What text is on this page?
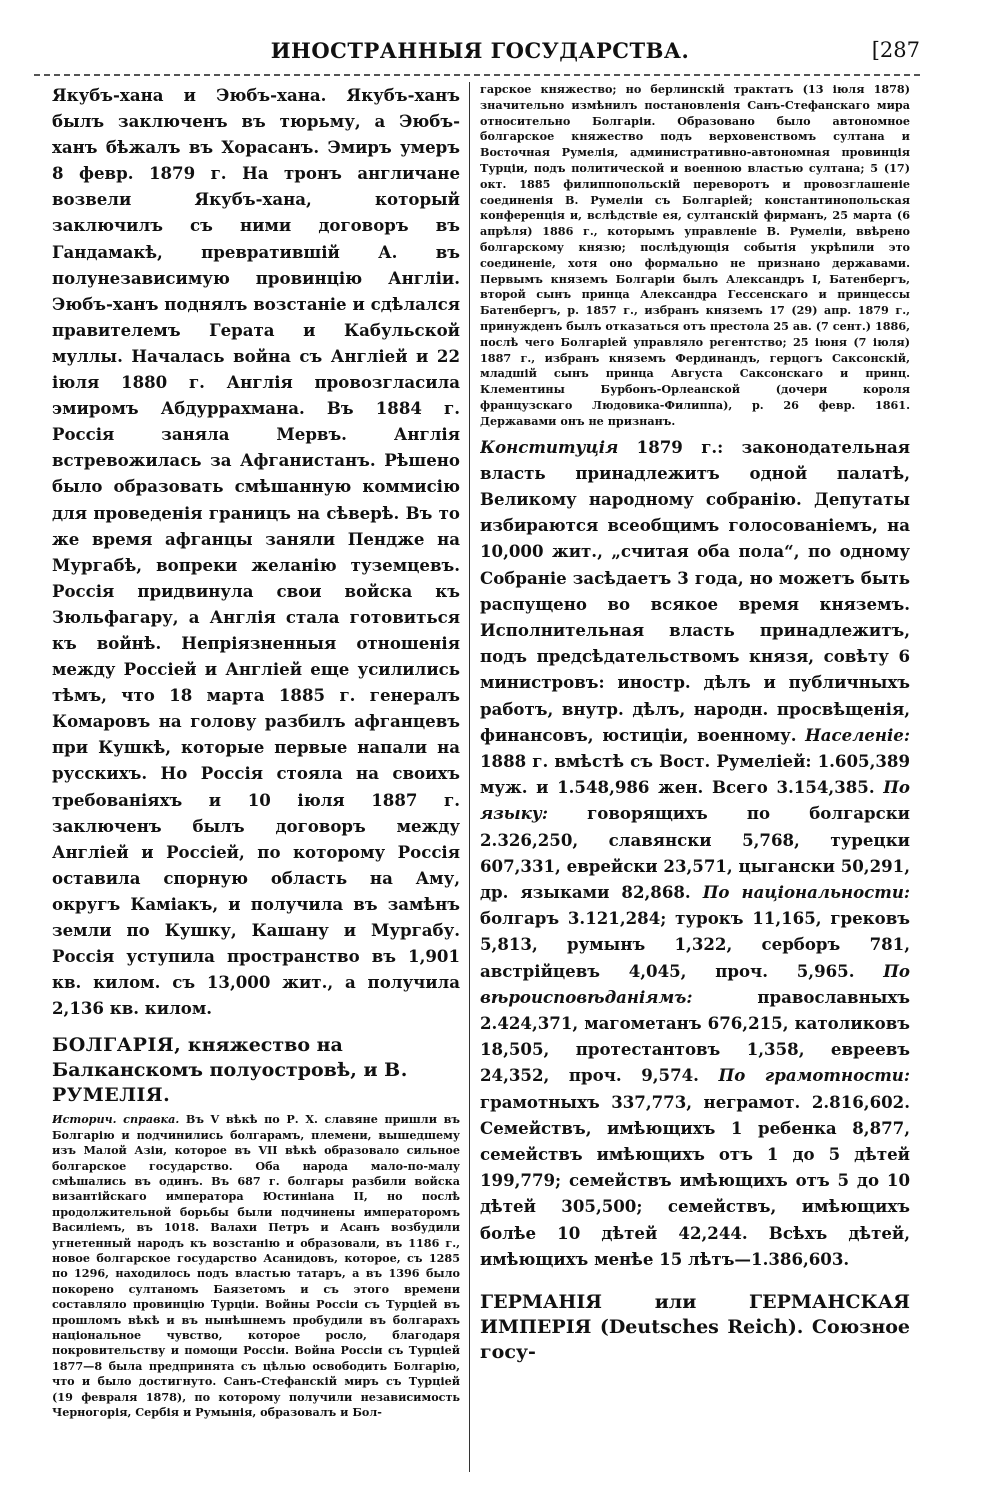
ИНОСТРАННЫЯ ГОСУДАРСТВА.	[287

Якубъ-хана и Эюбъ-хана. Якубъ-ханъ былъ заключенъ въ тюрьму, а Эюбъ-ханъ бѣжалъ въ Хорасанъ. Эмиръ умеръ 8 февр. 1879 г. На тронъ англичане возвели Якубъ-хана, который заключилъ съ ними договоръ въ Гандамакѣ, превратившій А. въ полунезависимую провинцію Англіи. Эюбъ-ханъ поднялъ возстаніе и сдѣлался правителемъ Герата и Кабульской муллы. Началась война съ Англіей и 22 іюля 1880 г. Англія провозгласила эмиромъ Абдуррахмана. Въ 1884 г. Россія заняла Мервъ. Англія встревожилась за Афганистанъ. Рѣшено было образовать смѣшанную коммисію для проведенія границъ на сѣверѣ. Въ то же время афганцы заняли Пендже на Мургабѣ, вопреки желанію туземцевъ. Россія придвинула свои войска къ Зюльфагару, а Англія стала готовиться къ войнѣ. Непріязненныя отношенія между Россіей и Англіей еще усилились тѣмъ, что 18 марта 1885 г. генералъ Комаровъ на голову разбилъ афганцевъ при Кушкѣ, которые первые напали на русскихъ. Но Россія стояла на своихъ требованіяхъ и 10 іюля 1887 г. заключенъ былъ договоръ между Англіей и Россіей, по которому Россія оставила спорную область на Аму, округъ Каміакъ, и получила въ замѣнъ земли по Кушку, Кашану и Мургабу. Россія уступила пространство въ 1,901 кв. килом. съ 13,000 жит., а получила 2,136 кв. килом.

БОЛГАРІЯ, княжество на Балканскомъ полуостровѣ, и В. РУМЕЛІЯ.

Историч. справка. Въ V вѣкѣ по Р. Х. славяне пришли въ Болгарію и подчинились болгарамъ, племени, вышедшему изъ Малой Азіи, которое въ VII вѣкѣ образовало сильное болгарское государство. Оба народа мало-по-малу смѣшались въ одинъ. Въ 687 г. болгары разбили войска византійскаго императора Юстиніана II, но послѣ продолжительной борьбы были подчинены императоромъ Василіемъ, въ 1018. Валахи Петръ и Асанъ возбудили угнетенный народъ къ возстанію и образовали, въ 1186 г., новое болгарское государство Асанидовъ, которое, съ 1285 по 1296, находилось подъ властью татаръ, а въ 1396 было покорено султаномъ Баязетомъ и съ этого времени составляло провинцію Турціи. Войны Россіи съ Турціей въ прошломъ вѣкѣ и въ нынѣшнемъ пробудили въ болгарахъ національное чувство, которое росло, благодаря покровительству и помощи Россіи. Война Россіи съ Турціей 1877—8 была предпринята съ цѣлью освободить Болгарію, что и было достигнуто. Санъ-Стефанскій миръ съ Турціей (19 февраля 1878), по которому получили независимость Черногорія, Сербія и Румынія, образовалъ и Бол-

гарское княжество; но берлинскій трактатъ (13 іюля 1878) значительно измѣнилъ постановленія Санъ-Стефанскаго мира относительно Болгаріи. Образовано было автономное болгарское княжество подъ верховенствомъ султана и Восточная Румелія, административно-автономная провинція Турціи, подъ политической и военною властью султана; 5 (17) окт. 1885 филиппопольскій переворотъ и провозглашеніе соединенія В. Румеліи съ Болгаріей; константинопольская конференція и, вслѣдствіе ея, султанскій фирманъ, 25 марта (6 апрѣля) 1886 г., которымъ управленіе В. Румеліи, ввѣрено болгарскому князю; послѣдующія событія укрѣпили это соединеніе, хотя оно формально не признано державами. Первымъ княземъ Болгаріи былъ Александръ I, Батенбергъ, второй сынъ принца Александра Гессенскаго и принцессы Батенбергъ, р. 1857 г., избранъ княземъ 17 (29) апр. 1879 г., принужденъ былъ отказаться отъ престола 25 ав. (7 сент.) 1886, послѣ чего Болгаріей управляло регентство; 25 іюня (7 іюля) 1887 г., избранъ княземъ Фердинандъ, герцогъ Саксонскій, младшій сынъ принца Августа Саксонскаго и принц. Клементины Бурбонъ-Орлеанской (дочери короля французскаго Людовика-Филиппа), р. 26 февр. 1861. Державами онъ не признанъ.

Конституція 1879 г.: законодательная власть принадлежитъ одной палатѣ, Великому народному собранію. Депутаты избираются всеобщимъ голосованіемъ, на 10,000 жит., „считая оба пола“, по одному Собраніе засѣдаетъ 3 года, но можетъ быть распущено во всякое время княземъ. Исполнительная власть принадлежитъ, подъ предсѣдательствомъ князя, совѣту 6 министровъ: иностр. дѣлъ и публичныхъ работъ, внутр. дѣлъ, народн. просвѣщенія, финансовъ, юстиціи, военному. Населеніе: 1888 г. вмѣстѣ съ Вост. Румеліей: 1.605,389 муж. и 1.548,986 жен. Всего 3.154,385. По языку: говорящихъ по болгарски 2.326,250, славянски 5,768, турецки 607,331, еврейски 23,571, цыгански 50,291, др. языками 82,868. По національности: болгаръ 3.121,284; турокъ 11,165, грековъ 5,813, румынъ 1,322, серборъ 781, австрійцевъ 4,045, проч. 5,965. По вѣроисповѣданіямъ: православныхъ 2.424,371, магометанъ 676,215, католиковъ 18,505, протестантовъ 1,358, евреевъ 24,352, проч. 9,574. По грамотности: грамотныхъ 337,773, неграмот. 2.816,602. Семействъ, имѣющихъ 1 ребенка 8,877, семействъ имѣющихъ отъ 1 до 5 дѣтей 199,779; семействъ имѣющихъ отъ 5 до 10 дѣтей 305,500; семействъ, имѣющихъ болѣе 10 дѣтей 42,244. Всѣхъ дѣтей, имѣющихъ менѣе 15 лѣтъ—1.386,603.

ГЕРМАНІЯ или ГЕРМАНСКАЯ ИМПЕРІЯ (Deutsches Reich). Союзное госу-
